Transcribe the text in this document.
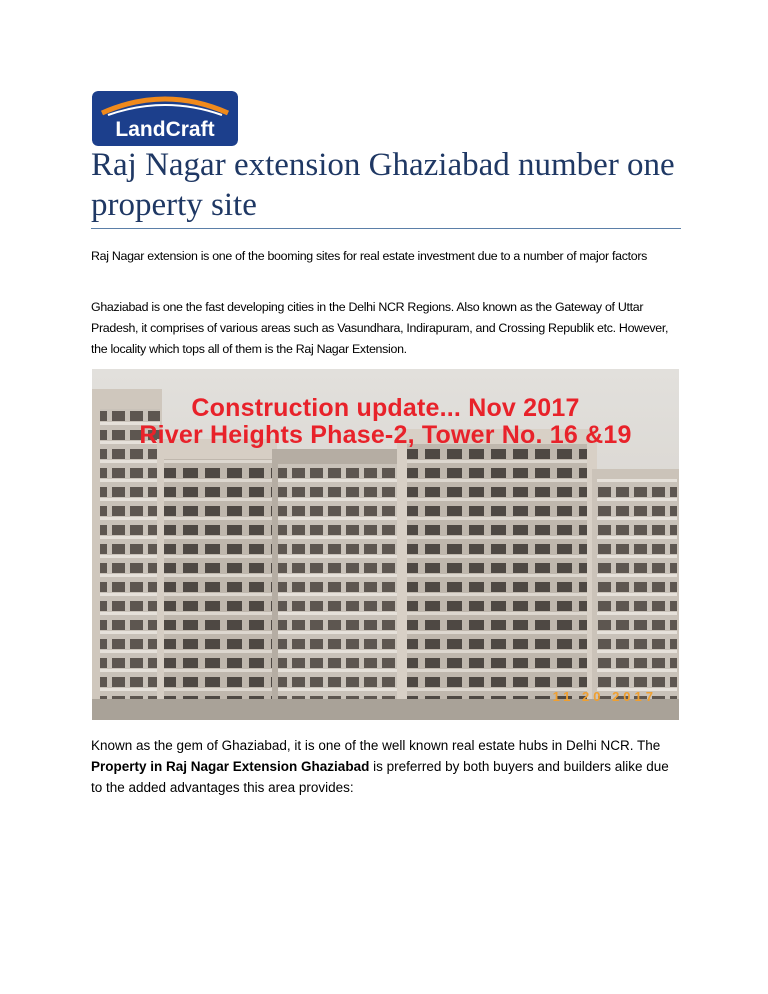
LandCraft
Raj Nagar extension Ghaziabad number one property site

Raj Nagar extension is one of the booming sites for real estate investment due to a number of major factors

Ghaziabad is one the fast developing cities in the Delhi NCR Regions. Also known as the Gateway of Uttar Pradesh, it comprises of various areas such as Vasundhara, Indirapuram, and Crossing Republik etc. However, the locality which tops all of them is the Raj Nagar Extension.

Construction update... Nov 2017
River Heights Phase-2, Tower No. 16 &19
11 20 2017

Known as the gem of Ghaziabad, it is one of the well known real estate hubs in Delhi NCR. The Property in Raj Nagar Extension Ghaziabad is preferred by both buyers and builders alike due to the added advantages this area provides:
